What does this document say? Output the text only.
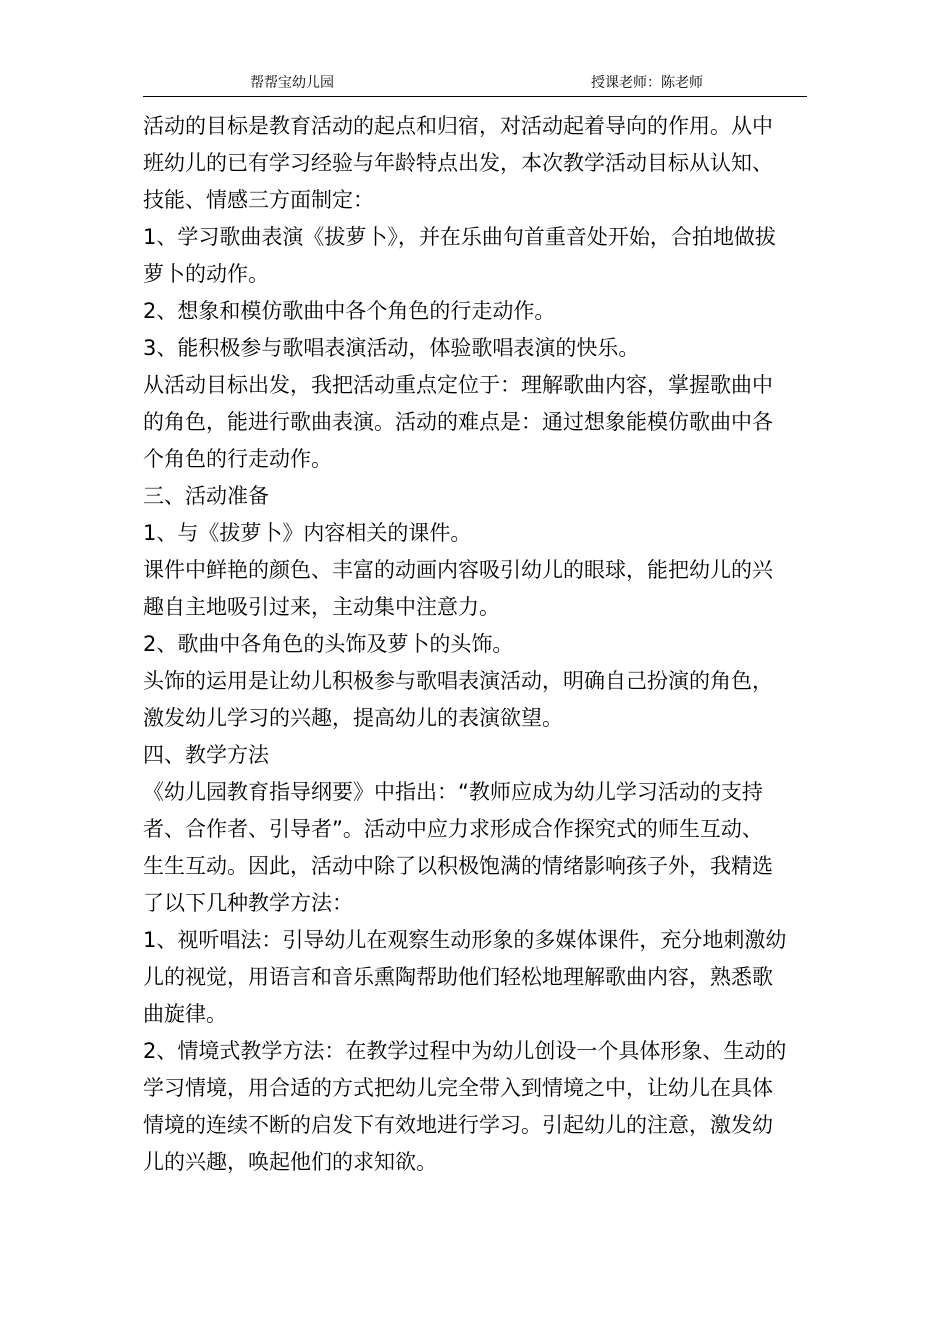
帮帮宝幼儿园	授课老师：陈老师
活动的目标是教育活动的起点和归宿，对活动起着导向的作用。从中
班幼儿的已有学习经验与年龄特点出发，本次教学活动目标从认知、
技能、情感三方面制定：
1、学习歌曲表演《拔萝卜》，并在乐曲句首重音处开始，合拍地做拔
萝卜的动作。
2、想象和模仿歌曲中各个角色的行走动作。
3、能积极参与歌唱表演活动，体验歌唱表演的快乐。
从活动目标出发，我把活动重点定位于：理解歌曲内容，掌握歌曲中
的角色，能进行歌曲表演。活动的难点是：通过想象能模仿歌曲中各
个角色的行走动作。
三、活动准备
1、与《拔萝卜》内容相关的课件。
课件中鲜艳的颜色、丰富的动画内容吸引幼儿的眼球，能把幼儿的兴
趣自主地吸引过来，主动集中注意力。
2、歌曲中各角色的头饰及萝卜的头饰。
头饰的运用是让幼儿积极参与歌唱表演活动，明确自己扮演的角色，
激发幼儿学习的兴趣，提高幼儿的表演欲望。
四、教学方法
《幼儿园教育指导纲要》中指出：“教师应成为幼儿学习活动的支持
者、合作者、引导者”。活动中应力求形成合作探究式的师生互动、
生生互动。因此，活动中除了以积极饱满的情绪影响孩子外，我精选
了以下几种教学方法：
1、视听唱法：引导幼儿在观察生动形象的多媒体课件，充分地刺激幼
儿的视觉，用语言和音乐熏陶帮助他们轻松地理解歌曲内容，熟悉歌
曲旋律。
2、情境式教学方法：在教学过程中为幼儿创设一个具体形象、生动的
学习情境，用合适的方式把幼儿完全带入到情境之中，让幼儿在具体
情境的连续不断的启发下有效地进行学习。引起幼儿的注意，激发幼
儿的兴趣，唤起他们的求知欲。
